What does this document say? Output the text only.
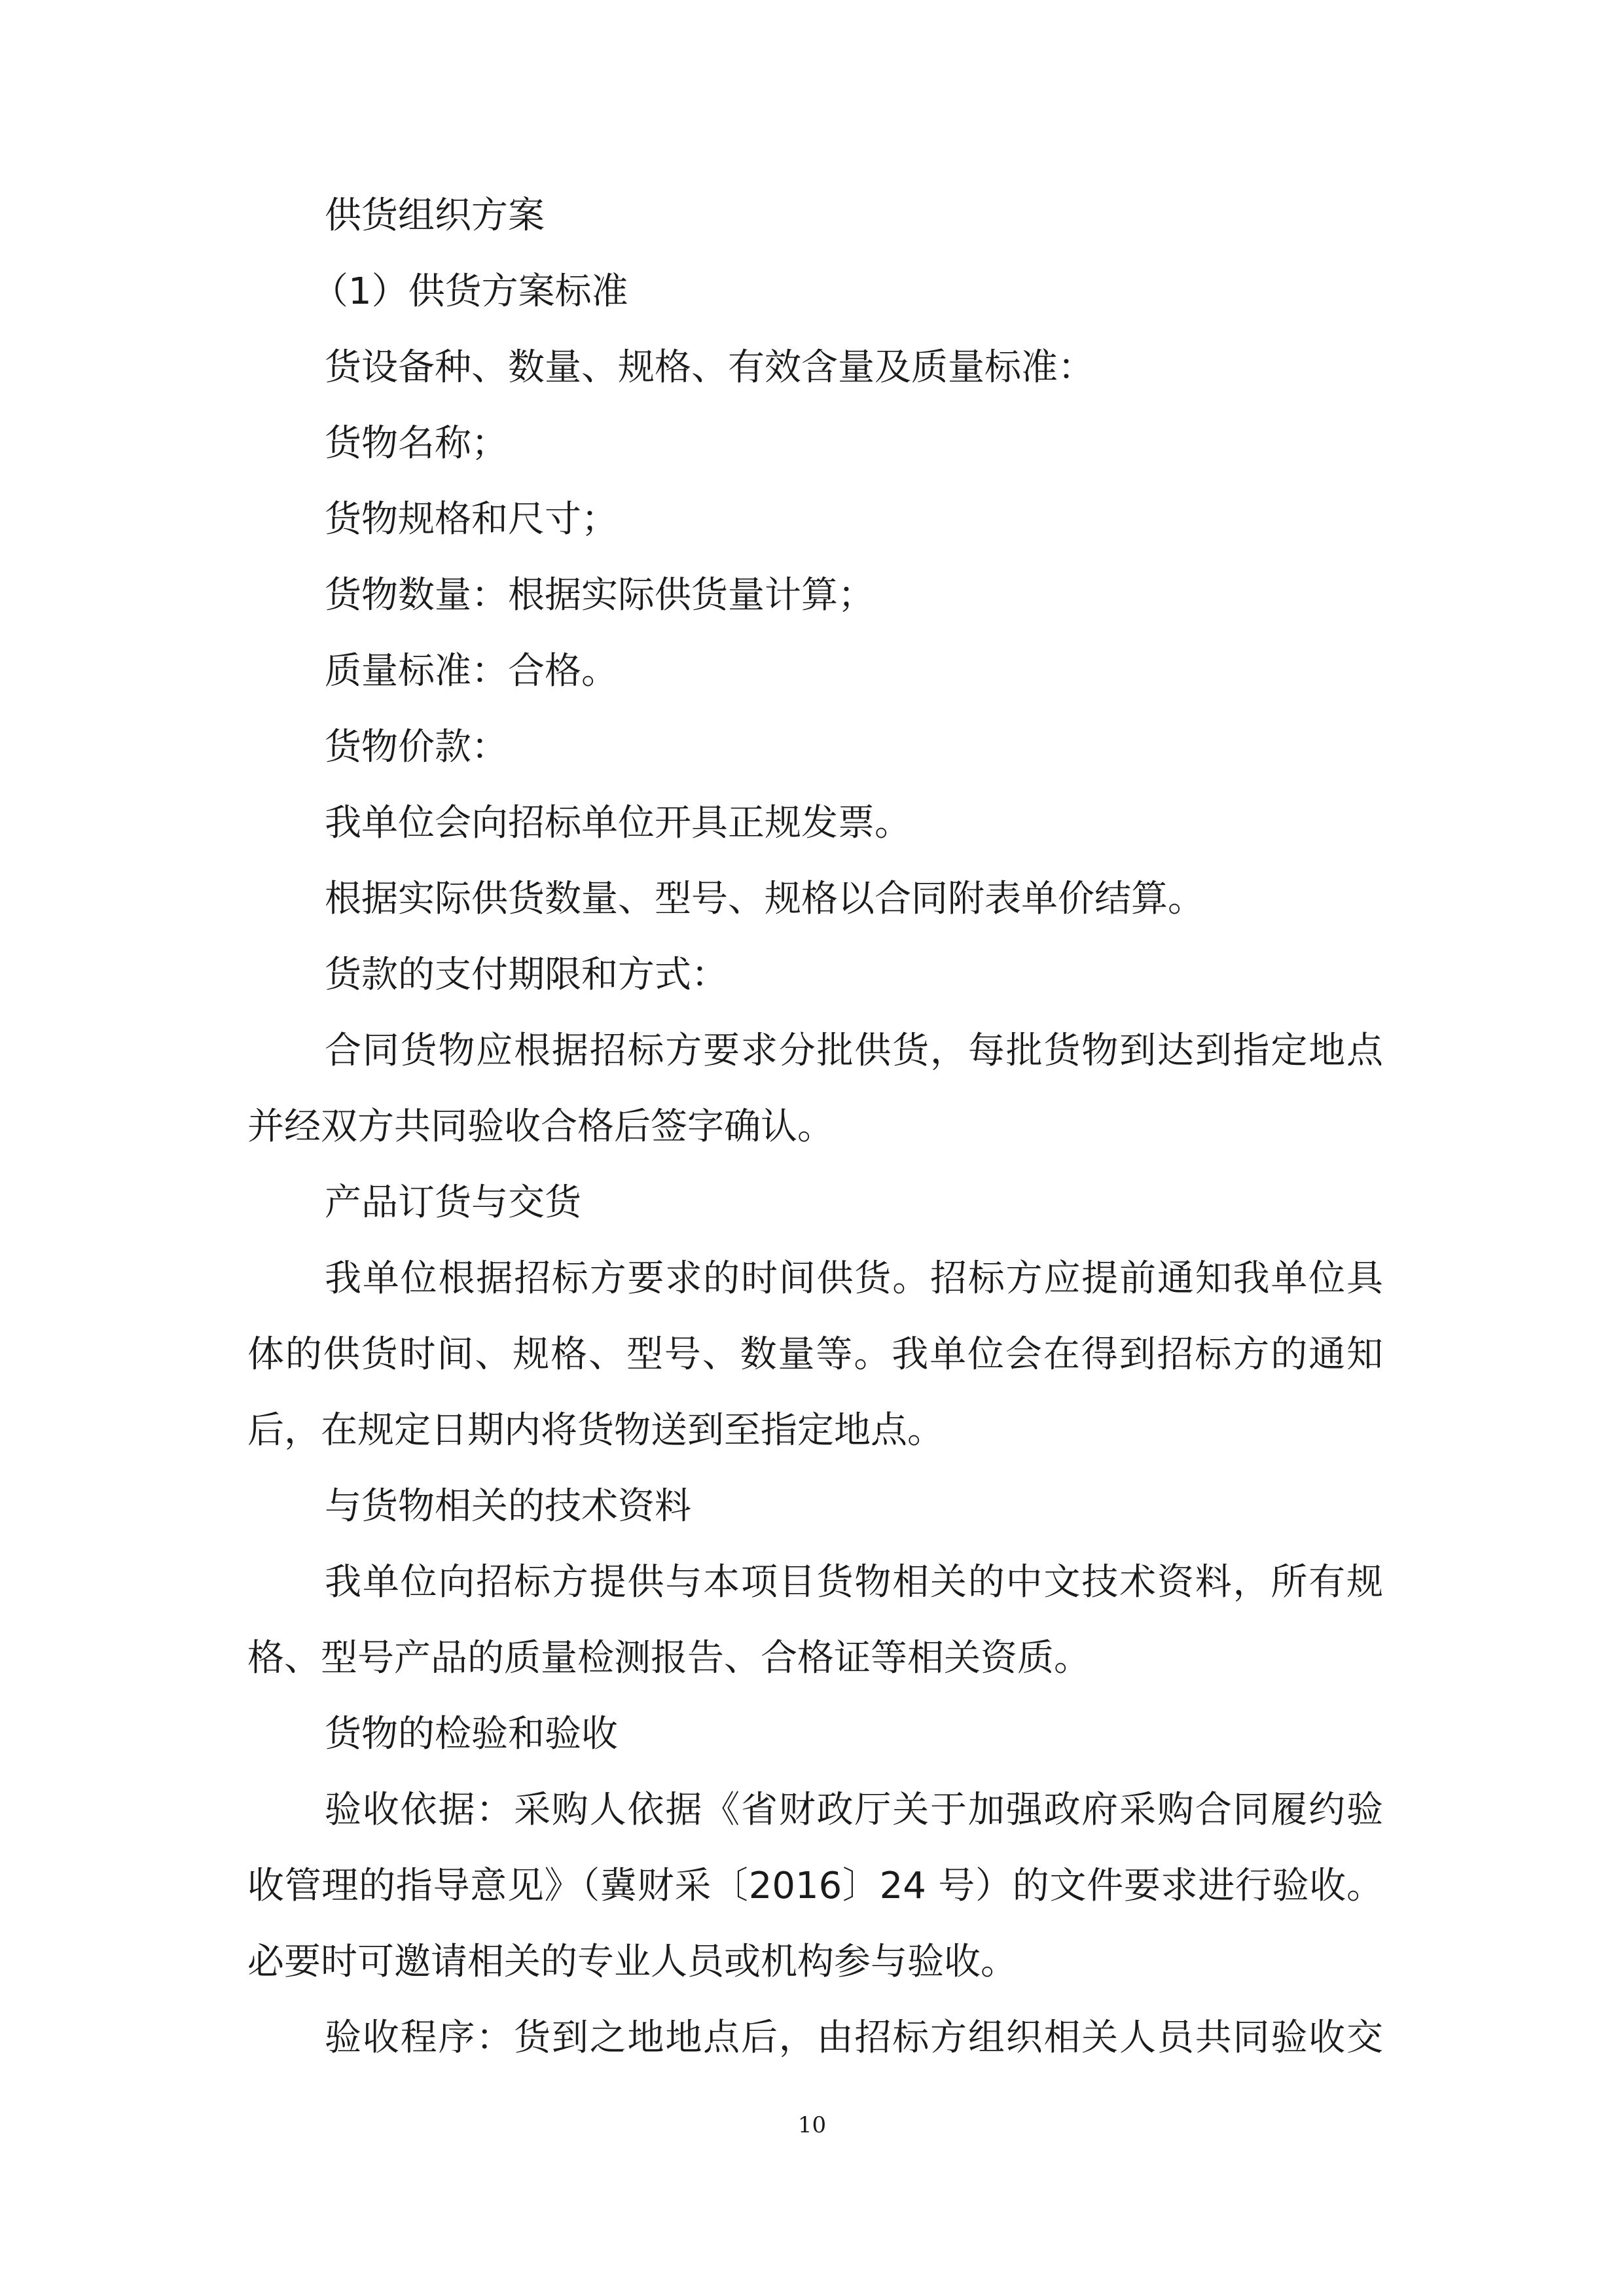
供货组织方案
（1）供货方案标准
货设备种、数量、规格、有效含量及质量标准：
货物名称；
货物规格和尺寸；
货物数量：根据实际供货量计算；
质量标准：合格。
货物价款：
我单位会向招标单位开具正规发票。
根据实际供货数量、型号、规格以合同附表单价结算。
货款的支付期限和方式：
合同货物应根据招标方要求分批供货，每批货物到达到指定地点
并经双方共同验收合格后签字确认。
产品订货与交货
我单位根据招标方要求的时间供货。招标方应提前通知我单位具
体的供货时间、规格、型号、数量等。我单位会在得到招标方的通知
后，在规定日期内将货物送到至指定地点。
与货物相关的技术资料
我单位向招标方提供与本项目货物相关的中文技术资料，所有规
格、型号产品的质量检测报告、合格证等相关资质。
货物的检验和验收
验收依据：采购人依据《省财政厅关于加强政府采购合同履约验
收管理的指导意见》（冀财采〔2016〕24 号）的文件要求进行验收。
必要时可邀请相关的专业人员或机构参与验收。
验收程序：货到之地地点后，由招标方组织相关人员共同验收交
10
